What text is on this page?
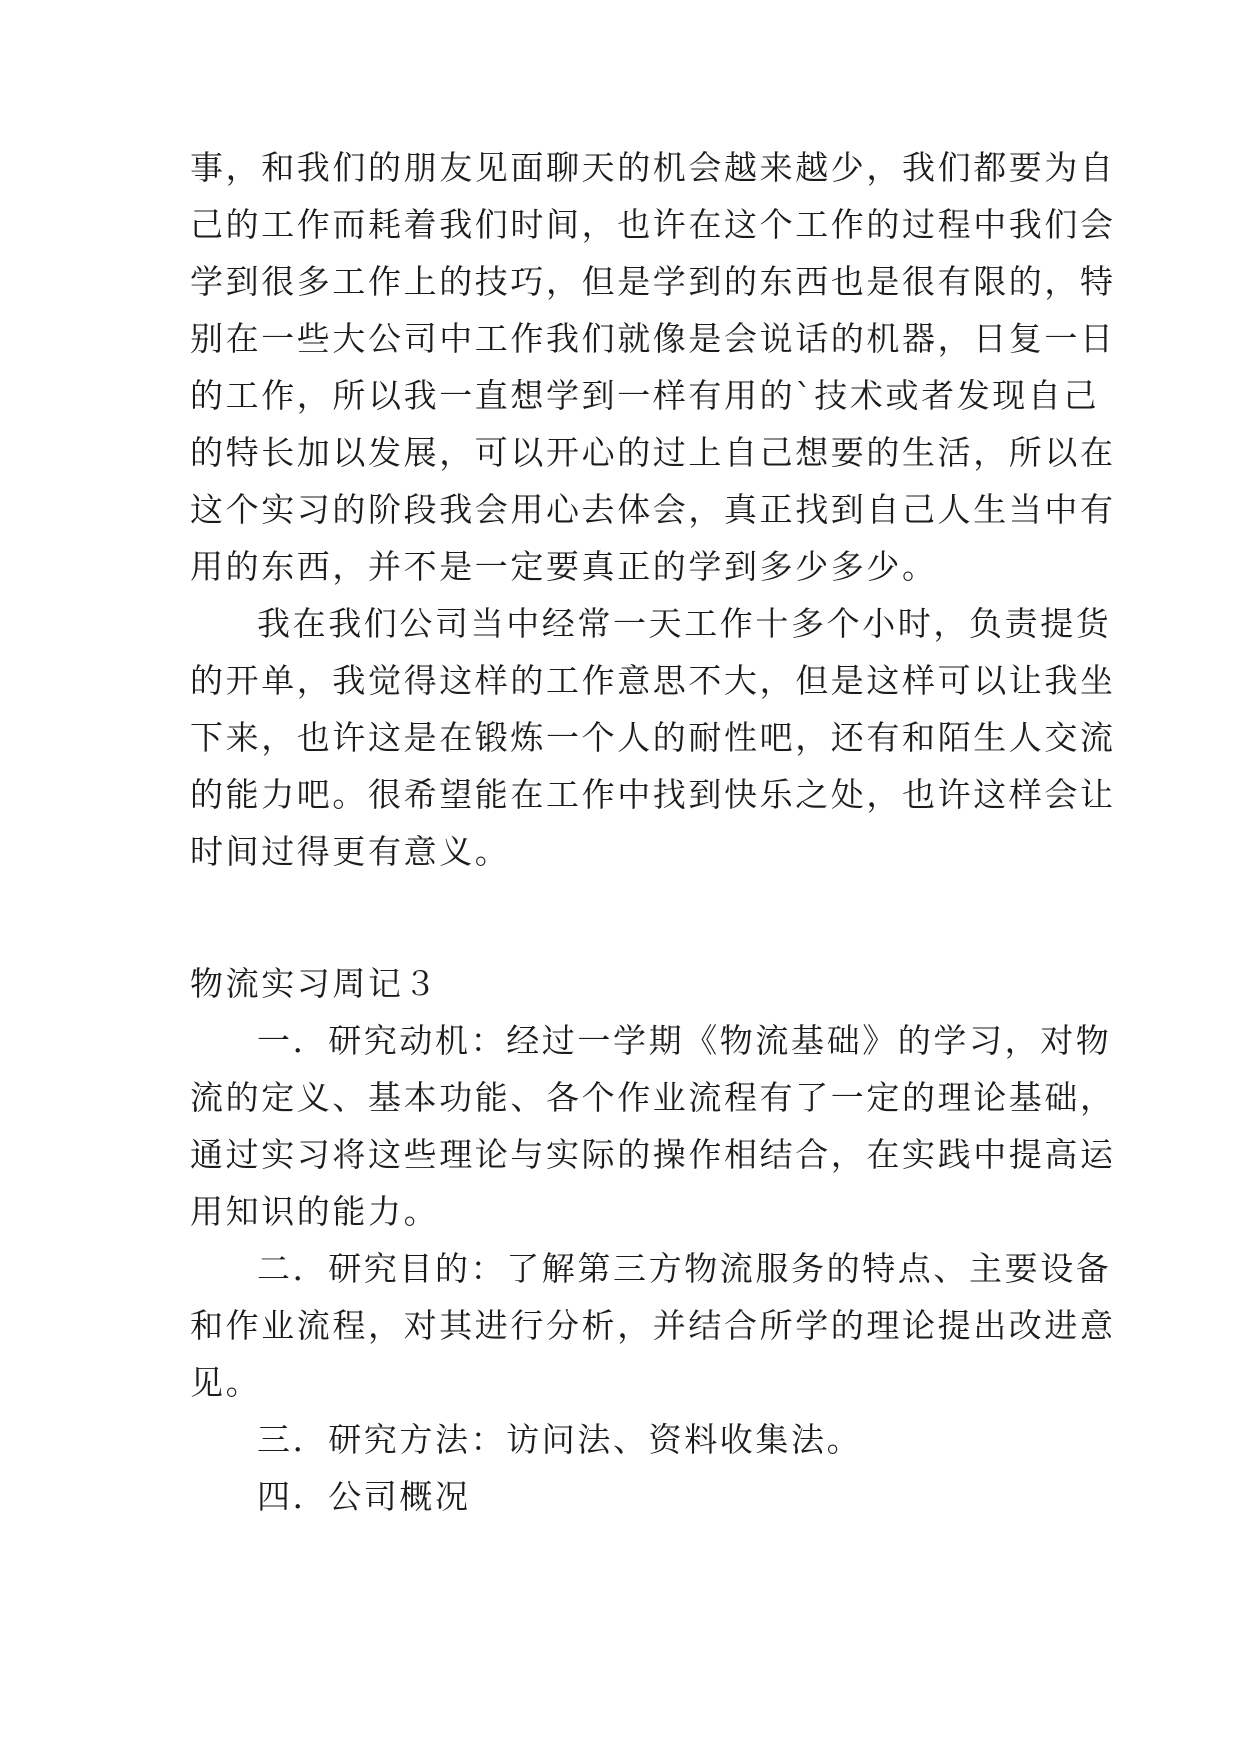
事，和我们的朋友见面聊天的机会越来越少，我们都要为自
己的工作而耗着我们时间，也许在这个工作的过程中我们会
学到很多工作上的技巧，但是学到的东西也是很有限的，特
别在一些大公司中工作我们就像是会说话的机器，日复一日
的工作，所以我一直想学到一样有用的`技术或者发现自己
的特长加以发展，可以开心的过上自己想要的生活，所以在
这个实习的阶段我会用心去体会，真正找到自己人生当中有
用的东西，并不是一定要真正的学到多少多少。
我在我们公司当中经常一天工作十多个小时，负责提货
的开单，我觉得这样的工作意思不大，但是这样可以让我坐
下来，也许这是在锻炼一个人的耐性吧，还有和陌生人交流
的能力吧。很希望能在工作中找到快乐之处，也许这样会让
时间过得更有意义。
物流实习周记３
一．研究动机：经过一学期《物流基础》的学习，对物
流的定义、基本功能、各个作业流程有了一定的理论基础，
通过实习将这些理论与实际的操作相结合，在实践中提高运
用知识的能力。
二．研究目的：了解第三方物流服务的特点、主要设备
和作业流程，对其进行分析，并结合所学的理论提出改进意
见。
三．研究方法：访问法、资料收集法。
四．公司概况
